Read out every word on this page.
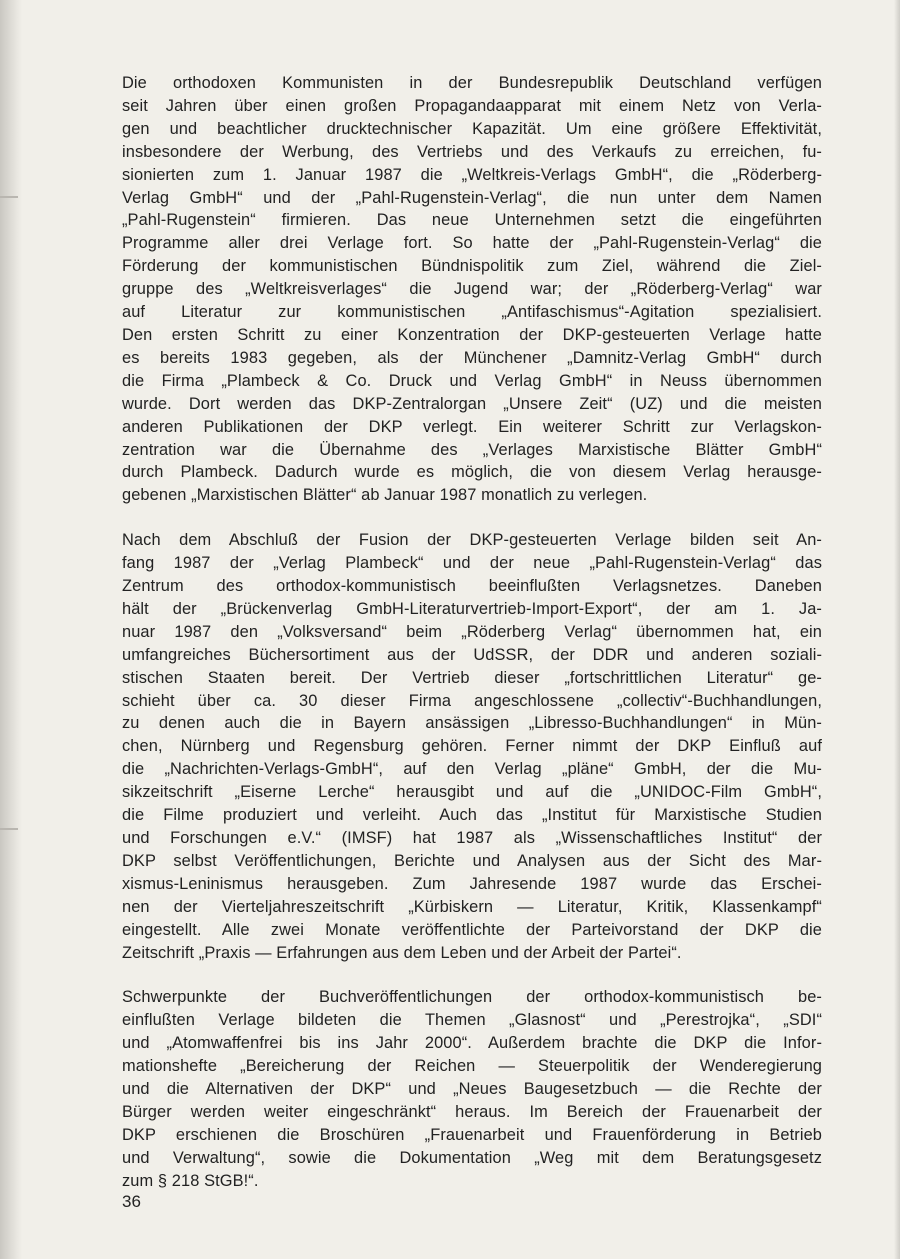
Die orthodoxen Kommunisten in der Bundesrepublik Deutschland verfügen
seit Jahren über einen großen Propagandaapparat mit einem Netz von Verla-
gen und beachtlicher drucktechnischer Kapazität. Um eine größere Effektivität,
insbesondere der Werbung, des Vertriebs und des Verkaufs zu erreichen, fu-
sionierten zum 1. Januar 1987 die „Weltkreis-Verlags GmbH“, die „Röderberg-
Verlag GmbH“ und der „Pahl-Rugenstein-Verlag“, die nun unter dem Namen
„Pahl-Rugenstein“ firmieren. Das neue Unternehmen setzt die eingeführten
Programme aller drei Verlage fort. So hatte der „Pahl-Rugenstein-Verlag“ die
Förderung der kommunistischen Bündnispolitik zum Ziel, während die Ziel-
gruppe des „Weltkreisverlages“ die Jugend war; der „Röderberg-Verlag“ war
auf Literatur zur kommunistischen „Antifaschismus“-Agitation spezialisiert.
Den ersten Schritt zu einer Konzentration der DKP-gesteuerten Verlage hatte
es bereits 1983 gegeben, als der Münchener „Damnitz-Verlag GmbH“ durch
die Firma „Plambeck & Co. Druck und Verlag GmbH“ in Neuss übernommen
wurde. Dort werden das DKP-Zentralorgan „Unsere Zeit“ (UZ) und die meisten
anderen Publikationen der DKP verlegt. Ein weiterer Schritt zur Verlagskon-
zentration war die Übernahme des „Verlages Marxistische Blätter GmbH“
durch Plambeck. Dadurch wurde es möglich, die von diesem Verlag herausge-
gebenen „Marxistischen Blätter“ ab Januar 1987 monatlich zu verlegen.

Nach dem Abschluß der Fusion der DKP-gesteuerten Verlage bilden seit An-
fang 1987 der „Verlag Plambeck“ und der neue „Pahl-Rugenstein-Verlag“ das
Zentrum des orthodox-kommunistisch beeinflußten Verlagsnetzes. Daneben
hält der „Brückenverlag GmbH-Literaturvertrieb-Import-Export“, der am 1. Ja-
nuar 1987 den „Volksversand“ beim „Röderberg Verlag“ übernommen hat, ein
umfangreiches Büchersortiment aus der UdSSR, der DDR und anderen soziali-
stischen Staaten bereit. Der Vertrieb dieser „fortschrittlichen Literatur“ ge-
schieht über ca. 30 dieser Firma angeschlossene „collectiv“-Buchhandlungen,
zu denen auch die in Bayern ansässigen „Libresso-Buchhandlungen“ in Mün-
chen, Nürnberg und Regensburg gehören. Ferner nimmt der DKP Einfluß auf
die „Nachrichten-Verlags-GmbH“, auf den Verlag „pläne“ GmbH, der die Mu-
sikzeitschrift „Eiserne Lerche“ herausgibt und auf die „UNIDOC-Film GmbH“,
die Filme produziert und verleiht. Auch das „Institut für Marxistische Studien
und Forschungen e.V.“ (IMSF) hat 1987 als „Wissenschaftliches Institut“ der
DKP selbst Veröffentlichungen, Berichte und Analysen aus der Sicht des Mar-
xismus-Leninismus herausgeben. Zum Jahresende 1987 wurde das Erschei-
nen der Vierteljahreszeitschrift „Kürbiskern — Literatur, Kritik, Klassenkampf“
eingestellt. Alle zwei Monate veröffentlichte der Parteivorstand der DKP die
Zeitschrift „Praxis — Erfahrungen aus dem Leben und der Arbeit der Partei“.

Schwerpunkte der Buchveröffentlichungen der orthodox-kommunistisch be-
einflußten Verlage bildeten die Themen „Glasnost“ und „Perestrojka“, „SDI“
und „Atomwaffenfrei bis ins Jahr 2000“. Außerdem brachte die DKP die Infor-
mationshefte „Bereicherung der Reichen — Steuerpolitik der Wenderegierung
und die Alternativen der DKP“ und „Neues Baugesetzbuch — die Rechte der
Bürger werden weiter eingeschränkt“ heraus. Im Bereich der Frauenarbeit der
DKP erschienen die Broschüren „Frauenarbeit und Frauenförderung in Betrieb
und Verwaltung“, sowie die Dokumentation „Weg mit dem Beratungsgesetz
zum § 218 StGB!“.

36
